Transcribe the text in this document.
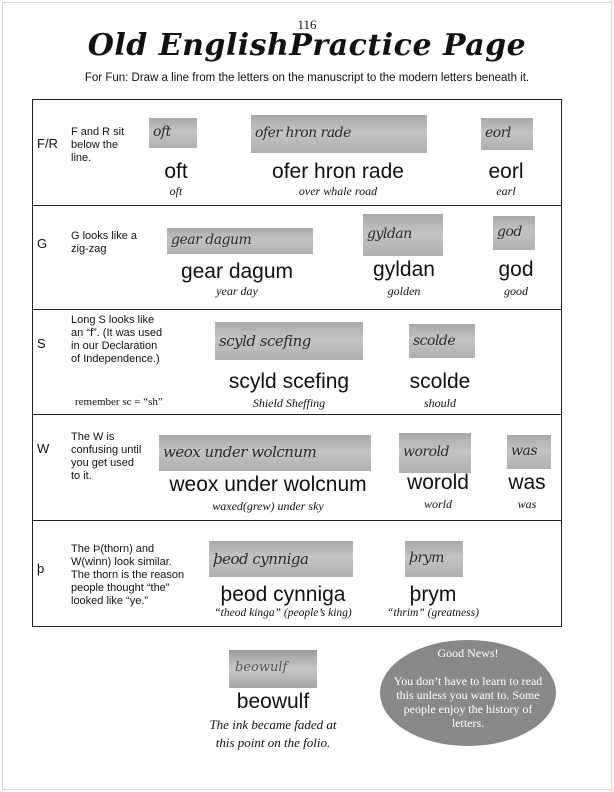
116
Old EnglishPractice Page
For Fun: Draw a line from the letters on the manuscript to the modern letters beneath it.
F/R
F and R sit below the line.
oft	ofer hron rade	eorl
oft	ofer hron rade	eorl
oft	over whale road	earl
G G looks like a zig-zag
gear dagum	gyldan	god
gear dagum	gyldan	god
year day	golden	good
S
Long S looks like an “f”. (It was used in our Declaration of Independence.)
remember sc = “sh”
scyld scefing	scolde
scyld scefing	scolde
Shield Sheffing	should
W
The W is confusing until you get used to it.
weox under wolcnum	worold	was
weox under wolcnum	worold	was
waxed(grew) under sky	world	was
þ
The Þ(thorn) and W(winn) look similar. The thorn is the reason people thought “the” looked like “ye.”
þeod cynniga	þrym
þeod cynniga	þrym
“theod kinga” (people’s king)	“thrim” (greatness)
beowulf
beowulf
The ink became faded at this point on the folio.
Good News!
You don’t have to learn to read this unless you want to. Some people enjoy the history of letters.
